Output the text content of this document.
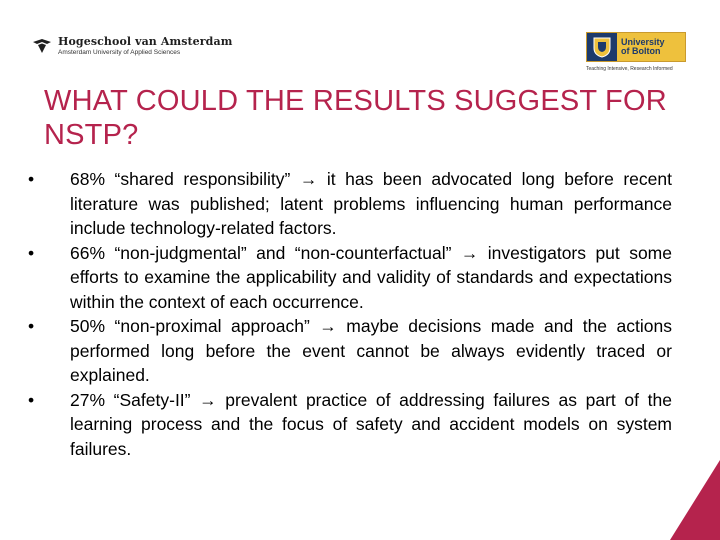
Hogeschool van Amsterdam
Amsterdam University of Applied Sciences
University
of Bolton
Teaching Intensive, Research Informed
WHAT COULD THE RESULTS SUGGEST FOR NSTP?
• 68% “shared responsibility” → it has been advocated long before recent literature was published; latent problems influencing human performance include technology-related factors.
• 66% “non-judgmental” and “non-counterfactual” → investigators put some efforts to examine the applicability and validity of standards and expectations within the context of each occurrence.
• 50% “non-proximal approach” → maybe decisions made and the actions performed long before the event cannot be always evidently traced or explained.
• 27% “Safety-II” → prevalent practice of addressing failures as part of the learning process and the focus of safety and accident models on system failures.
15
